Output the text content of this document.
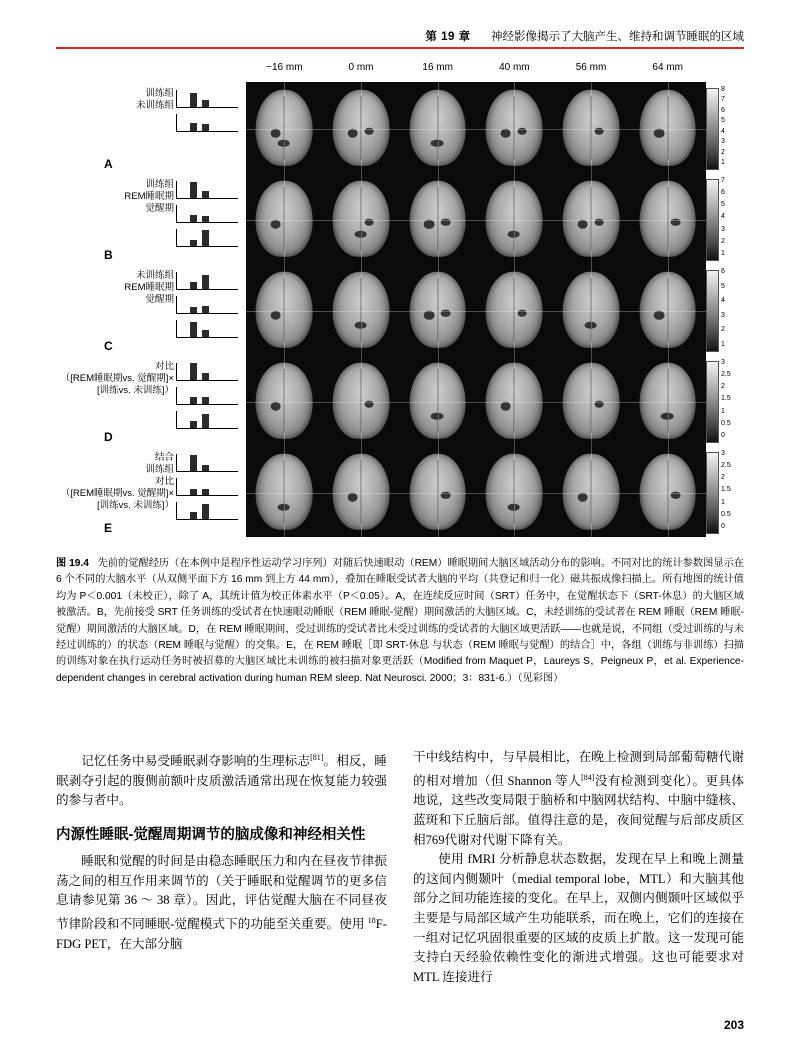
第 19 章 神经影像揭示了大脑产生、维持和调节睡眠的区域
−16 mm	0 mm	16 mm	40 mm	56 mm	64 mm
训练组
未训练组
A
8
7
6
5
4
3
2
1
训练组
REM睡眠期
觉醒期
B
7
6
5
4
3
2
1
未训练组
REM睡眠期
觉醒期
C
6
5
4
3
2
1
对比
（[REM睡眠期vs. 觉醒期]×
[训练vs. 未训练]）
D
3
2.5
2
1.5
1
0.5
0
结合
训练组
对比
（[REM睡眠期vs. 觉醒期]×
[训练vs. 未训练]）
E
3
2.5
2
1.5
1
0.5
0
图 19.4 先前的觉醒经历（在本例中是程序性运动学习序列）对随后快速眼动（REM）睡眠期间大脑区域活动分布的影响。不同对比的统计参数图显示在 6 个不同的大脑水平（从双侧平面下方 16 mm 到上方 44 mm），叠加在睡眠受试者大脑的平均（共登记和归一化）磁共振成像扫描上。所有地图的统计值均为 P＜0.001（未校正），除了 A，其统计值为校正体素水平（P＜0.05）。A，在连续反应时间（SRT）任务中，在觉醒状态下（SRT-休息）的大脑区域被激活。B，先前接受 SRT 任务训练的受试者在快速眼动睡眠（REM 睡眠-觉醒）期间激活的大脑区域。C，未经训练的受试者在 REM 睡眠（REM 睡眠-觉醒）期间激活的大脑区域。D，在 REM 睡眠期间，受过训练的受试者比未受过训练的受试者的大脑区域更活跃——也就是说，不同组（受过训练的与未经过训练的）的状态（REM 睡眠与觉醒）的交集。E，在 REM 睡眠［即 SRT-休息 与状态（REM 睡眠与觉醒）的结合］中，各组（训练与非训练）扫描的训练对象在执行运动任务时被招募的大脑区域比未训练的被扫描对象更活跃（Modified from Maquet P，Laureys S，Peigneux P，et al. Experience-dependent changes in cerebral activation during human REM sleep. Nat Neurosci. 2000；3：831-6.）（见彩图）

记忆任务中易受睡眠剥夺影响的生理标志[81]。相反，睡眠剥夺引起的腹侧前额叶皮质激活通常出现在恢复能力较强的参与者中。

内源性睡眠-觉醒周期调节的脑成像和神经相关性

睡眠和觉醒的时间是由稳态睡眠压力和内在昼夜节律振荡之间的相互作用来调节的（关于睡眠和觉醒调节的更多信息请参见第 36 ～ 38 章）。因此，评估觉醒大脑在不同昼夜节律阶段和不同睡眠-觉醒模式下的功能至关重要。使用 $^{18}$F-FDG PET，在大部分脑

干中线结构中，与早晨相比，在晚上检测到局部葡萄糖代谢的相对增加（但 Shannon 等人[84]没有检测到变化）。更具体地说，这些改变局限于脑桥和中脑网状结构、中脑中缝核、蓝斑和下丘脑后部。值得注意的是，夜间觉醒与后部皮质区相769代谢对代谢下降有关。

使用 fMRI 分析静息状态数据，发现在早上和晚上测量的这间内侧颞叶（medial temporal lobe，MTL）和大脑其他部分之间功能连接的变化。在早上，双侧内侧颞叶区域似乎主要是与局部区域产生功能联系，而在晚上，它们的连接在一组对记忆巩固很重要的区域的皮质上扩散。这一发现可能支持白天经验依赖性变化的渐进式增强。这也可能要求对 MTL 连接进行

203
